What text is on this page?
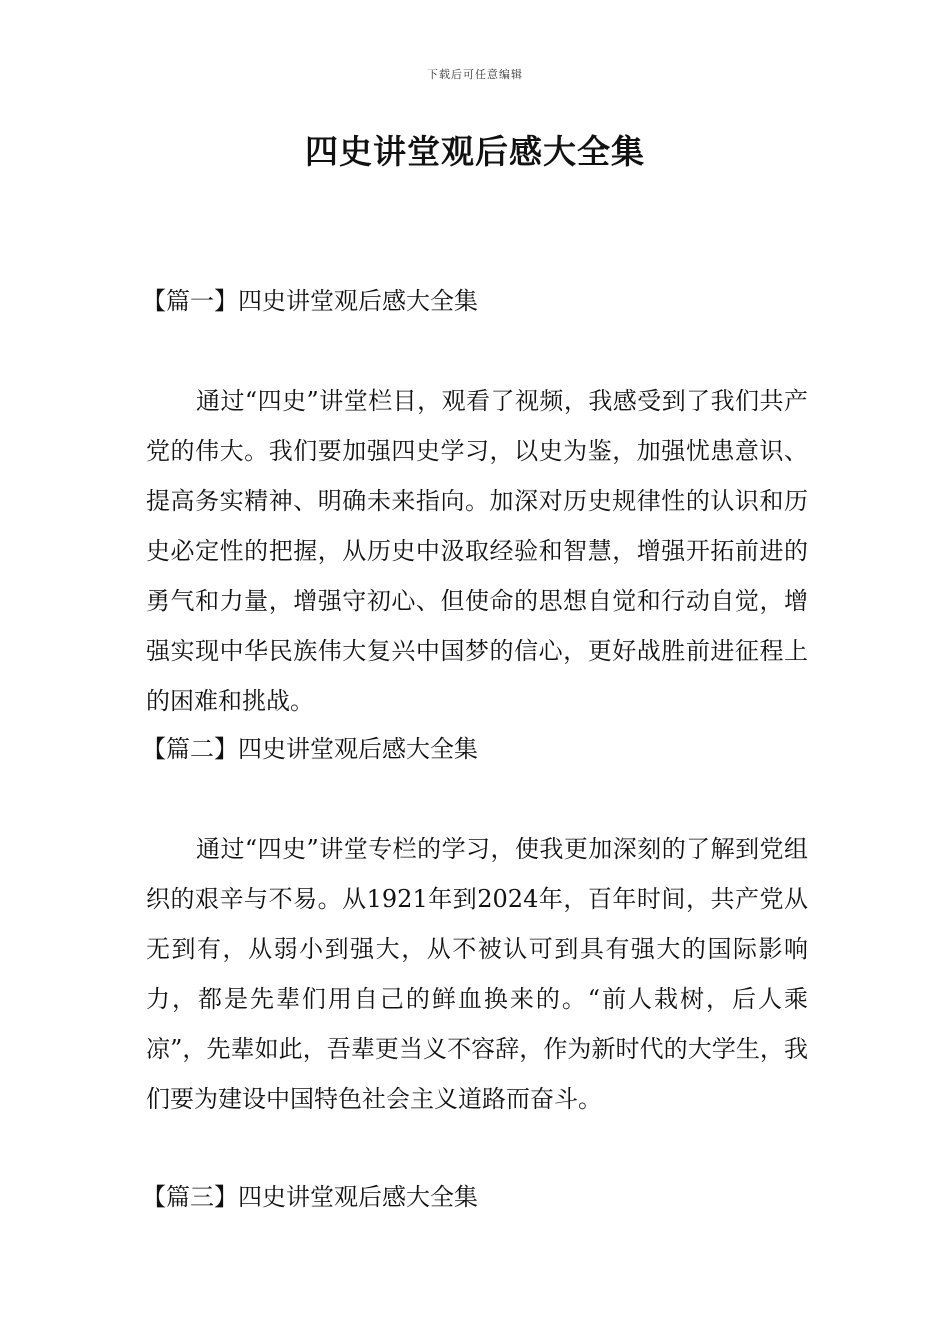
下载后可任意编辑
四史讲堂观后感大全集
【篇一】四史讲堂观后感大全集

通过“四史”讲堂栏目，观看了视频，我感受到了我们共产党的伟大。我们要加强四史学习，以史为鉴，加强忧患意识、提高务实精神、明确未来指向。加深对历史规律性的认识和历史必定性的把握，从历史中汲取经验和智慧，增强开拓前进的勇气和力量，增强守初心、但使命的思想自觉和行动自觉，增强实现中华民族伟大复兴中国梦的信心，更好战胜前进征程上的困难和挑战。

【篇二】四史讲堂观后感大全集

通过“四史”讲堂专栏的学习，使我更加深刻的了解到党组织的艰辛与不易。从1921年到2024年，百年时间，共产党从无到有，从弱小到强大，从不被认可到具有强大的国际影响力，都是先辈们用自己的鲜血换来的。“前人栽树，后人乘凉”，先辈如此，吾辈更当义不容辞，作为新时代的大学生，我们要为建设中国特色社会主义道路而奋斗。

【篇三】四史讲堂观后感大全集
